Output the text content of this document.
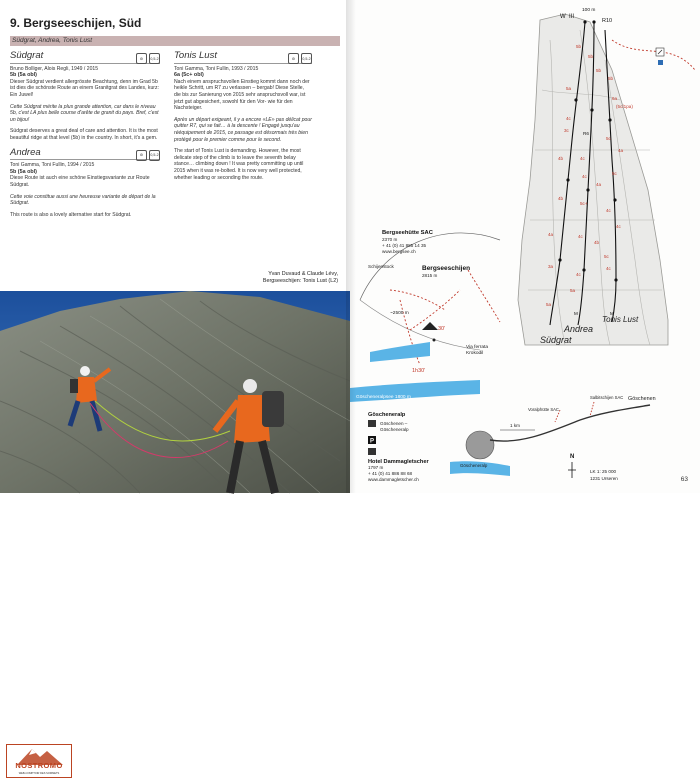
9. Bergseeschijen, Süd
Südgrat, Andrea, Tonis Lust
Südgrat	⚙	0,5-2
Bruno Bolliger, Alois Regli, 1949 / 2015
5b (5a obl)

Dieser Südgrat verdient allergrösste Beachtung, denn im Grad 5b ist dies die schönste Route an einem Granitgrat des Landes, kurz: Ein Juwel!

Cette Südgrat mérite la plus grande attention, car dans le niveau 5b, c'est LA plus belle course d'arête de granit du pays. Bref, c'est un bijou!

Südgrat deserves a great deal of care and attention. It is the most beautiful ridge at that level (5b) in the country. In short, it's a gem.

Andrea	⚙	0,5-2
Toni Gamma, Toni Fullin, 1994 / 2015
5b (5a obl)

Diese Route ist auch eine schöne Einstiegsvariante zur Route Südgrat.

Cette voie constitue aussi une heureuse variante de départ de la Südgrat.

This route is also a lovely alternative start for Südgrat.

Tonis Lust	⚙	0,5-2
Toni Gamma, Toni Fullin, 1993 / 2015
6a (5c+ obl)

Nach einem anspruchsvollen Einstieg kommt dann noch der heikle Schritt, um R7 zu verlassen – bergab! Diese Stelle, die bis zur Sanierung von 2015 sehr anspruchsvoll war, ist jetzt gut abgesichert, sowohl für den Vor- wie für den Nachsteiger.

Après un départ exigeant, il y a encore «LE» pas délicat pour quitter R7, qui se fait… à la descente ! Engagé jusqu'au rééquipement de 2015, ce passage est désormais très bien protégé pour le premier comme pour le second.

The start of Tonis Lust is demanding. However, the most delicate step of the climb is to leave the seventh belay stance… climbing down ! It was pretty committing up until 2015 when it was re-bolted. It is now very well protected, whether leading or seconding the route.

Yvan Duvaud & Claude Lévy,
Bergseeschijen: Tonis Lust (L2)
NOSTROMO
WEB-COMPTOIR DES SOMMETS
W III
R10
100 m
5b
5b
5b
5a
4c
3c
R6
5b
6a
(5c/1pa)
4b	4c
5c
4a
4c
4a
5c
5c+
4c
4b
4c
4a	4c
4b
3a
5c
4c
4c
5a
5a
M	M
Andrea
Tonis Lust
Südgrat
Bergseehütte SAC
2370 m
+ 41 (0) 41 885 14 35
www.bergsee.ch
Bergseeschijen
2815 m
Schijenstock
~2500 m
30'
1h30'
Via ferrata
Krokodil
Göscheneralpsee 1800 m
Göscheneralp
Göschenen –
Göscheneralp
P
Hotel Dammagletscher
1797 m
+ 41 (0) 41 886 88 68
www.dammagletscher.ch
Voralphütte SAC
Salbitschijen SAC Göschenen
1 km
N
Göscheneralp
LK 1: 25 000
1231 Urseren	63
